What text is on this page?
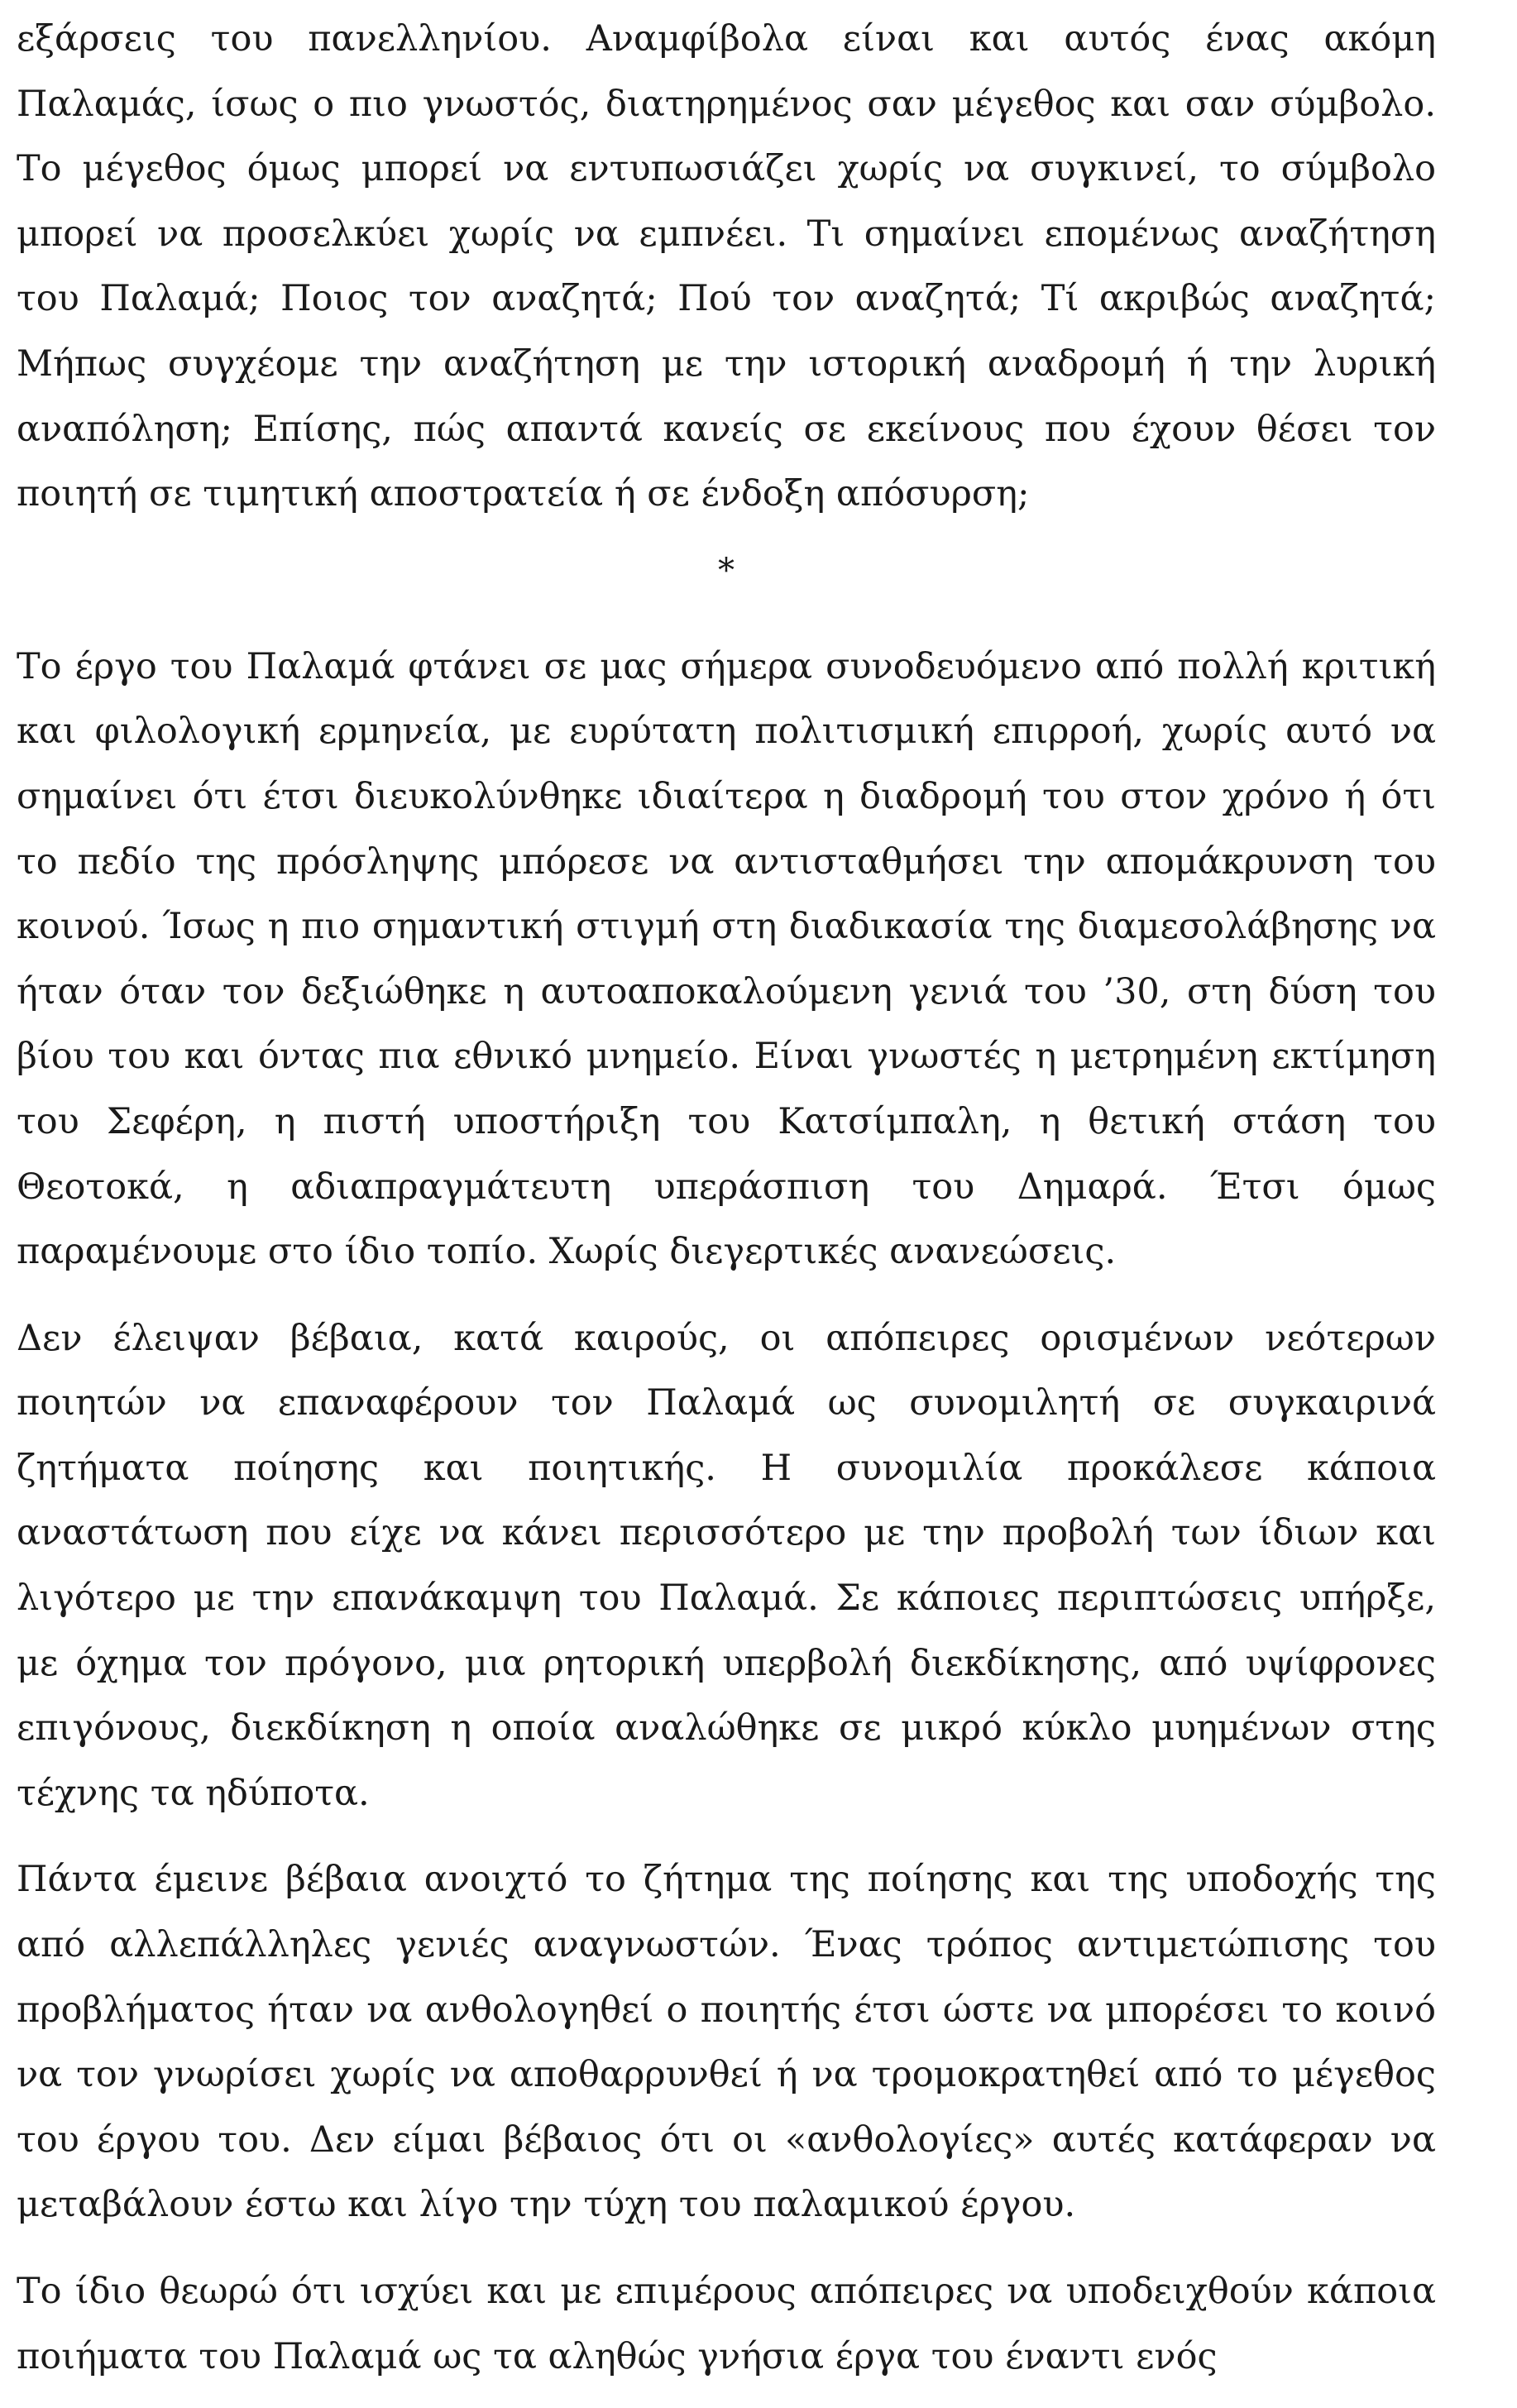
εξάρσεις του πανελληνίου. Αναμφίβολα είναι και αυτός ένας ακόμη Παλαμάς, ίσως ο πιο γνωστός, διατηρημένος σαν μέγεθος και σαν σύμβολο. Το μέγεθος όμως μπορεί να εντυπωσιάζει χωρίς να συγκινεί, το σύμβολο μπορεί να προσελκύει χωρίς να εμπνέει. Τι σημαίνει επομένως αναζήτηση του Παλαμά; Ποιος τον αναζητά; Πού τον αναζητά; Τί ακριβώς αναζητά; Μήπως συγχέομε την αναζήτηση με την ιστορική αναδρομή ή την λυρική αναπόληση; Επίσης, πώς απαντά κανείς σε εκείνους που έχουν θέσει τον ποιητή σε τιμητική αποστρατεία ή σε ένδοξη απόσυρση;

*

Το έργο του Παλαμά φτάνει σε μας σήμερα συνοδευόμενο από πολλή κριτική και φιλολογική ερμηνεία, με ευρύτατη πολιτισμική επιρροή, χωρίς αυτό να σημαίνει ότι έτσι διευκολύνθηκε ιδιαίτερα η διαδρομή του στον χρόνο ή ότι το πεδίο της πρόσληψης μπόρεσε να αντισταθμήσει την απομάκρυνση του κοινού. Ίσως η πιο σημαντική στιγμή στη διαδικασία της διαμεσολάβησης να ήταν όταν τον δεξιώθηκε η αυτοαποκαλούμενη γενιά του ’30, στη δύση του βίου του και όντας πια εθνικό μνημείο. Είναι γνωστές η μετρημένη εκτίμηση του Σεφέρη, η πιστή υποστήριξη του Κατσίμπαλη, η θετική στάση του Θεοτοκά, η αδιαπραγμάτευτη υπεράσπιση του Δημαρά. Έτσι όμως παραμένουμε στο ίδιο τοπίο. Χωρίς διεγερτικές ανανεώσεις.

Δεν έλειψαν βέβαια, κατά καιρούς, οι απόπειρες ορισμένων νεότερων ποιητών να επαναφέρουν τον Παλαμά ως συνομιλητή σε συγκαιρινά ζητήματα ποίησης και ποιητικής. Η συνομιλία προκάλεσε κάποια αναστάτωση που είχε να κάνει περισσότερο με την προβολή των ίδιων και λιγότερο με την επανάκαμψη του Παλαμά. Σε κάποιες περιπτώσεις υπήρξε, με όχημα τον πρόγονο, μια ρητορική υπερβολή διεκδίκησης, από υψίφρονες επιγόνους, διεκδίκηση η οποία αναλώθηκε σε μικρό κύκλο μυημένων στης τέχνης τα ηδύποτα.

Πάντα έμεινε βέβαια ανοιχτό το ζήτημα της ποίησης και της υποδοχής της από αλλεπάλληλες γενιές αναγνωστών. Ένας τρόπος αντιμετώπισης του προβλήματος ήταν να ανθολογηθεί ο ποιητής έτσι ώστε να μπορέσει το κοινό να τον γνωρίσει χωρίς να αποθαρρυνθεί ή να τρομοκρατηθεί από το μέγεθος του έργου του. Δεν είμαι βέβαιος ότι οι «ανθολογίες» αυτές κατάφεραν να μεταβάλουν έστω και λίγο την τύχη του παλαμικού έργου.

Το ίδιο θεωρώ ότι ισχύει και με επιμέρους απόπειρες να υποδειχθούν κάποια ποιήματα του Παλαμά ως τα αληθώς γνήσια έργα του έναντι ενός
